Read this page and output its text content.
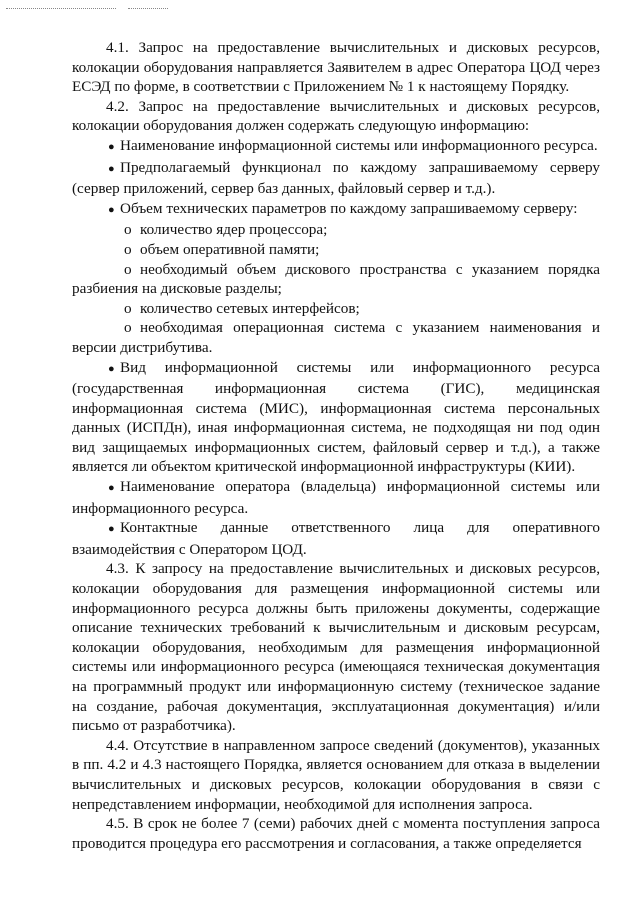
4.1. Запрос на предоставление вычислительных и дисковых ресурсов, колокации оборудования направляется Заявителем в адрес Оператора ЦОД через ЕСЭД по форме, в соответствии с Приложением № 1 к настоящему Порядку.

4.2. Запрос на предоставление вычислительных и дисковых ресурсов, колокации оборудования должен содержать следующую информацию:

● Наименование информационной системы или информационного ресурса.

● Предполагаемый функционал по каждому запрашиваемому серверу (сервер приложений, сервер баз данных, файловый сервер и т.д.).

● Объем технических параметров по каждому запрашиваемому серверу:

o количество ядер процессора;

o объем оперативной памяти;

o необходимый объем дискового пространства с указанием порядка разбиения на дисковые разделы;

o количество сетевых интерфейсов;

o необходимая операционная система с указанием наименования и версии дистрибутива.

● Вид информационной системы или информационного ресурса (государственная информационная система (ГИС), медицинская информационная система (МИС), информационная система персональных данных (ИСПДн), иная информационная система, не подходящая ни под один вид защищаемых информационных систем, файловый сервер и т.д.), а также является ли объектом критической информационной инфраструктуры (КИИ).

● Наименование оператора (владельца) информационной системы или информационного ресурса.

● Контактные данные ответственного лица для оперативного взаимодействия с Оператором ЦОД.

4.3. К запросу на предоставление вычислительных и дисковых ресурсов, колокации оборудования для размещения информационной системы или информационного ресурса должны быть приложены документы, содержащие описание технических требований к вычислительным и дисковым ресурсам, колокации оборудования, необходимым для размещения информационной системы или информационного ресурса (имеющаяся техническая документация на программный продукт или информационную систему (техническое задание на создание, рабочая документация, эксплуатационная документация) и/или письмо от разработчика).

4.4. Отсутствие в направленном запросе сведений (документов), указанных в пп. 4.2 и 4.3 настоящего Порядка, является основанием для отказа в выделении вычислительных и дисковых ресурсов, колокации оборудования в связи с непредставлением информации, необходимой для исполнения запроса.

4.5. В срок не более 7 (семи) рабочих дней с момента поступления запроса проводится процедура его рассмотрения и согласования, а также определяется
